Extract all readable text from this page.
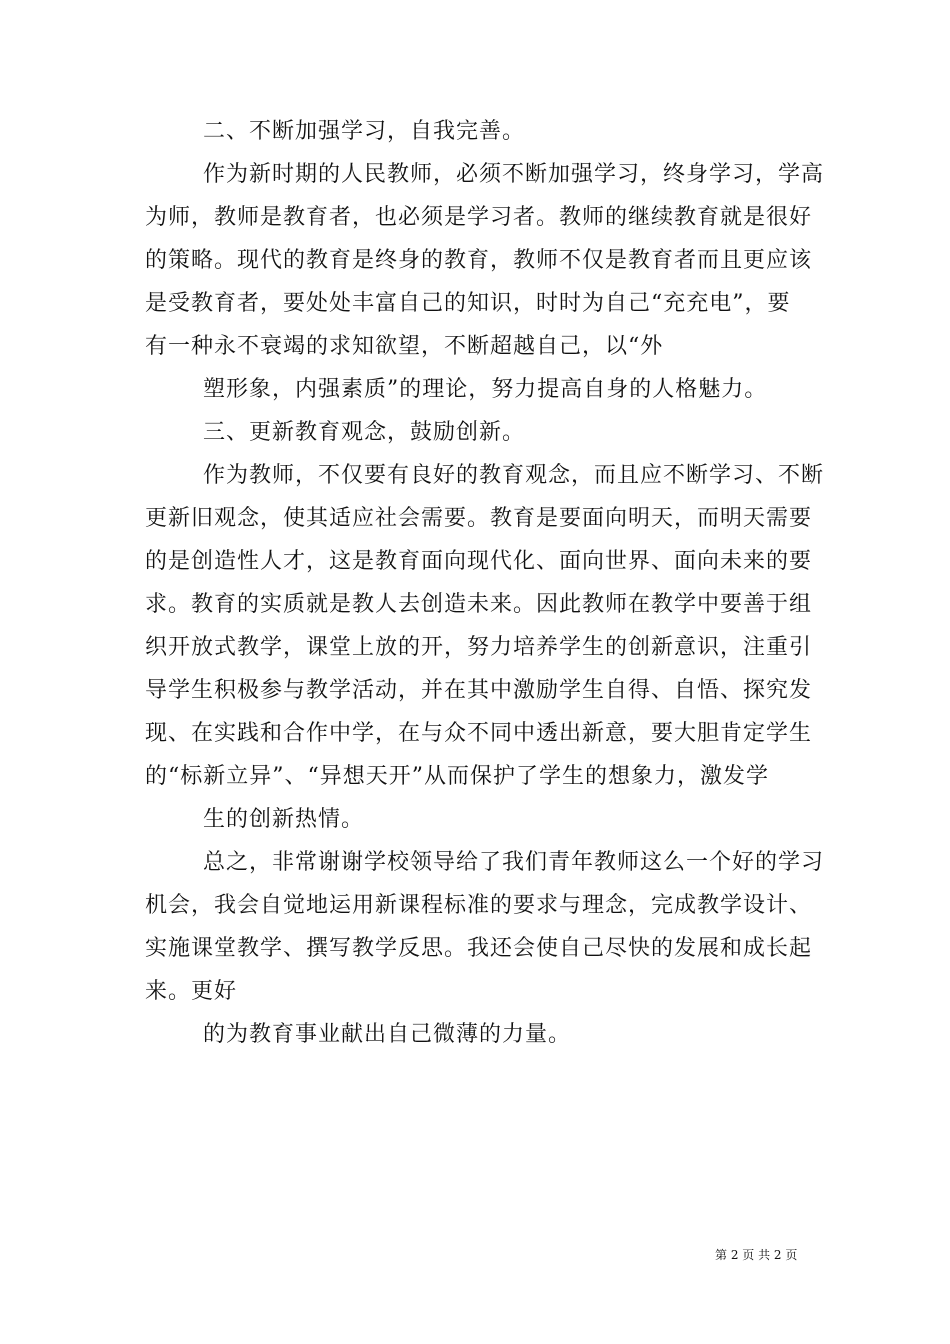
二、不断加强学习，自我完善。
作为新时期的人民教师，必须不断加强学习，终身学习，学高
为师，教师是教育者，也必须是学习者。教师的继续教育就是很好
的策略。现代的教育是终身的教育，教师不仅是教育者而且更应该
是受教育者，要处处丰富自己的知识，时时为自己“充充电”，要
有一种永不衰竭的求知欲望，不断超越自己，以“外
塑形象，内强素质”的理论，努力提高自身的人格魅力。
三、更新教育观念，鼓励创新。
作为教师，不仅要有良好的教育观念，而且应不断学习、不断
更新旧观念，使其适应社会需要。教育是要面向明天，而明天需要
的是创造性人才，这是教育面向现代化、面向世界、面向未来的要
求。教育的实质就是教人去创造未来。因此教师在教学中要善于组
织开放式教学，课堂上放的开，努力培养学生的创新意识，注重引
导学生积极参与教学活动，并在其中激励学生自得、自悟、探究发
现、在实践和合作中学，在与众不同中透出新意，要大胆肯定学生
的“标新立异”、“异想天开”从而保护了学生的想象力，激发学
生的创新热情。
总之，非常谢谢学校领导给了我们青年教师这么一个好的学习
机会，我会自觉地运用新课程标准的要求与理念，完成教学设计、
实施课堂教学、撰写教学反思。我还会使自己尽快的发展和成长起
来。更好
的为教育事业献出自己微薄的力量。
第 2 页 共 2 页
